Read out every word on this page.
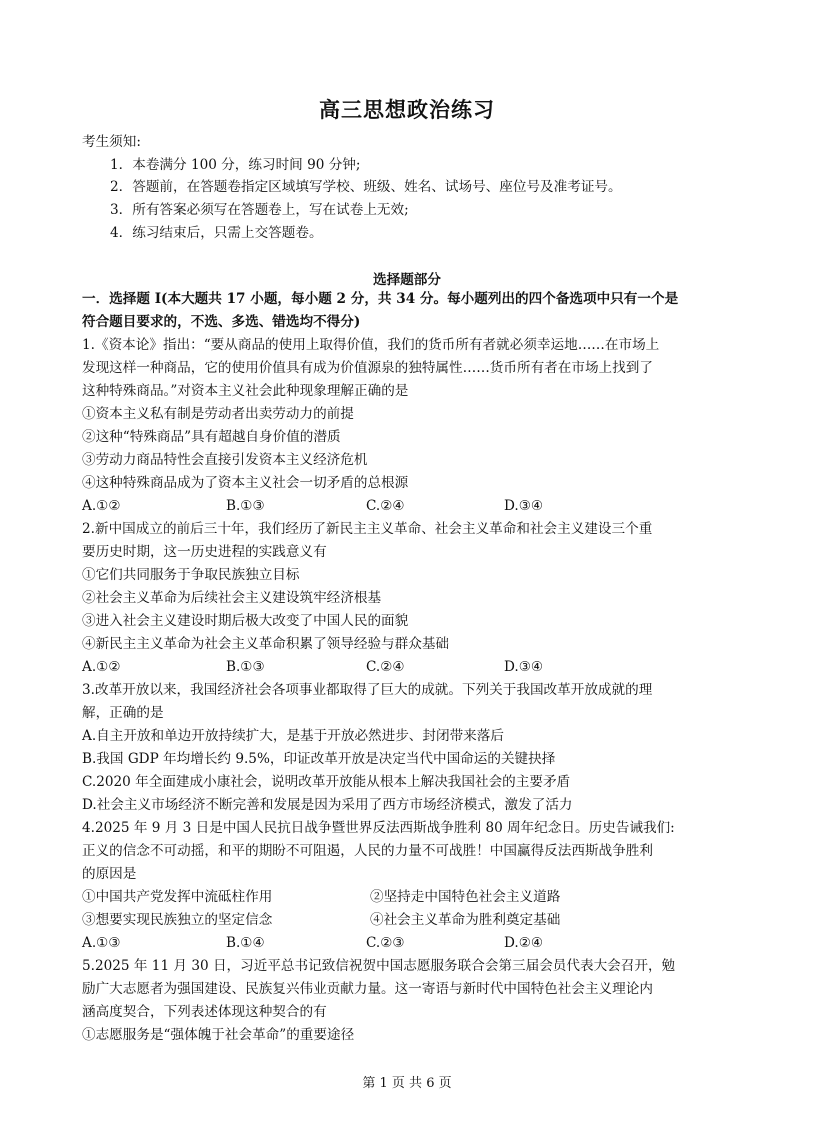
高三思想政治练习
考生须知:
1．本卷满分 100 分，练习时间 90 分钟;
2．答题前，在答题卷指定区域填写学校、班级、姓名、试场号、座位号及准考证号。
3．所有答案必须写在答题卷上，写在试卷上无效;
4．练习结束后，只需上交答题卷。
选择题部分
一．选择题 I(本大题共 17 小题，每小题 2 分，共 34 分。每小题列出的四个备选项中只有一个是
符合题目要求的，不选、多选、错选均不得分)
1.《资本论》指出：“要从商品的使用上取得价值，我们的货币所有者就必须幸运地……在市场上
发现这样一种商品，它的使用价值具有成为价值源泉的独特属性……货币所有者在市场上找到了
这种特殊商品。”对资本主义社会此种现象理解正确的是
①资本主义私有制是劳动者出卖劳动力的前提
②这种“特殊商品”具有超越自身价值的潜质
③劳动力商品特性会直接引发资本主义经济危机
④这种特殊商品成为了资本主义社会一切矛盾的总根源
A.①②	B.①③	C.②④	D.③④
2.新中国成立的前后三十年，我们经历了新民主主义革命、社会主义革命和社会主义建设三个重
要历史时期，这一历史进程的实践意义有
①它们共同服务于争取民族独立目标
②社会主义革命为后续社会主义建设筑牢经济根基
③进入社会主义建设时期后极大改变了中国人民的面貌
④新民主主义革命为社会主义革命积累了领导经验与群众基础
A.①②	B.①③	C.②④	D.③④
3.改革开放以来，我国经济社会各项事业都取得了巨大的成就。下列关于我国改革开放成就的理
解，正确的是
A.自主开放和单边开放持续扩大，是基于开放必然进步、封闭带来落后
B.我国 GDP 年均增长约 9.5%，印证改革开放是决定当代中国命运的关键抉择
C.2020 年全面建成小康社会，说明改革开放能从根本上解决我国社会的主要矛盾
D.社会主义市场经济不断完善和发展是因为采用了西方市场经济模式，激发了活力
4.2025 年 9 月 3 日是中国人民抗日战争暨世界反法西斯战争胜利 80 周年纪念日。历史告诫我们:
正义的信念不可动摇，和平的期盼不可阻遏，人民的力量不可战胜！中国赢得反法西斯战争胜利
的原因是
①中国共产党发挥中流砥柱作用	②坚持走中国特色社会主义道路
③想要实现民族独立的坚定信念	④社会主义革命为胜利奠定基础
A.①③	B.①④	C.②③	D.②④
5.2025 年 11 月 30 日，习近平总书记致信祝贺中国志愿服务联合会第三届会员代表大会召开，勉
励广大志愿者为强国建设、民族复兴伟业贡献力量。这一寄语与新时代中国特色社会主义理论内
涵高度契合，下列表述体现这种契合的有
①志愿服务是“强体魄于社会革命”的重要途径
第 1 页 共 6 页
